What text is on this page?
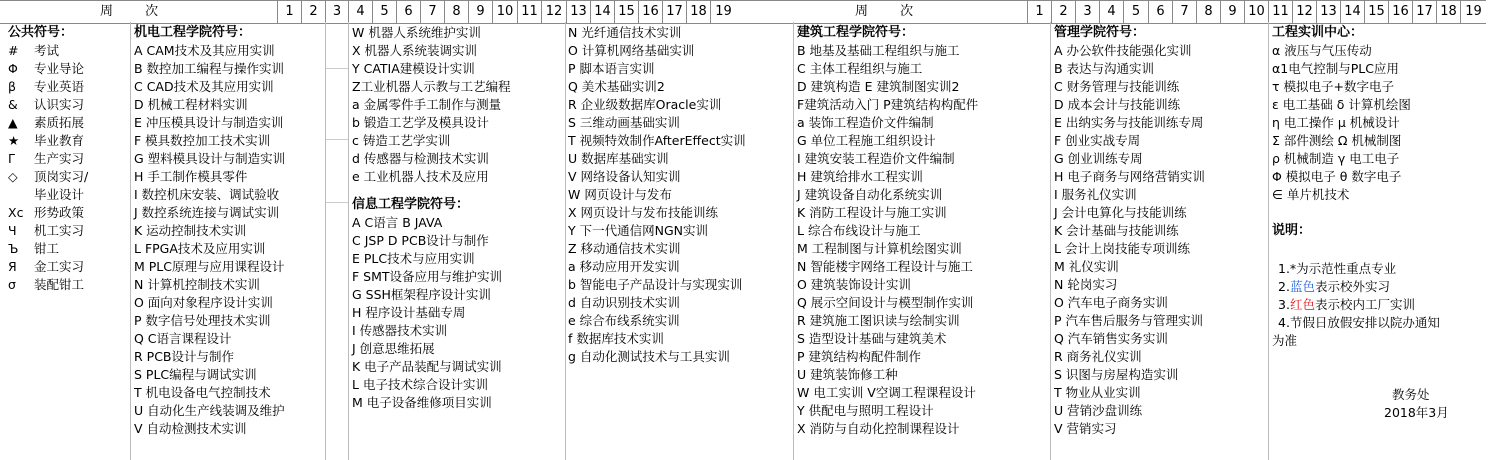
周 次	周 次
1	2	3	4	5	6	7	8	9 10 11 12 13 14 15 16 17 18 19	1	2	3	4	5	6	7	8	9 10 11 12 13 14 15 16 17 18 19
公共符号：
# 考试
Φ 专业导论
β 专业英语
& 认识实习
▲ 素质拓展
★ 毕业教育
Γ 生产实习
◇ 顶岗实习/
毕业设计
Xc 形势政策
Ч 机工实习
Ъ 钳工
Я 金工实习
σ 装配钳工
机电工程学院符号：
A CAM技术及其应用实训
B 数控加工编程与操作实训
C CAD技术及其应用实训
D 机械工程材料实训
E 冲压模具设计与制造实训
F 模具数控加工技术实训
G 塑料模具设计与制造实训
H 手工制作模具零件
I 数控机床安装、调试验收
J 数控系统连接与调试实训
K 运动控制技术实训
L FPGA技术及应用实训
M PLC原理与应用课程设计
N 计算机控制技术实训
O 面向对象程序设计实训
P 数字信号处理技术实训
Q C语言课程设计
R PCB设计与制作
S PLC编程与调试实训
T 机电设备电气控制技术
U 自动化生产线装调及维护
V 自动检测技术实训
W 机器人系统维护实训
X 机器人系统装调实训
Y CATIA建模设计实训
Z工业机器人示教与工艺编程
a 金属零件手工制作与测量
b 锻造工艺学及模具设计
c 铸造工艺学实训
d 传感器与检测技术实训
e 工业机器人技术及应用
信息工程学院符号：
A C语言 B JAVA
C JSP D PCB设计与制作
E PLC技术与应用实训
F SMT设备应用与维护实训
G SSH框架程序设计实训
H 程序设计基础专周
I 传感器技术实训
J 创意思维拓展
K 电子产品装配与调试实训
L 电子技术综合设计实训
M 电子设备维修项目实训
N 光纤通信技术实训
O 计算机网络基础实训
P 脚本语言实训
Q 美术基础实训2
R 企业级数据库Oracle实训
S 三维动画基础实训
T 视频特效制作AfterEffect实训
U 数据库基础实训
V 网络设备认知实训
W 网页设计与发布
X 网页设计与发布技能训练
Y 下一代通信网NGN实训
Z 移动通信技术实训
a 移动应用开发实训
b 智能电子产品设计与实现实训
d 自动识别技术实训
e 综合布线系统实训
f 数据库技术实训
g 自动化测试技术与工具实训
建筑工程学院符号：
B 地基及基础工程组织与施工
C 主体工程组织与施工
D 建筑构造 E 建筑制图实训2
F建筑活动入门 P建筑结构构配件
a 装饰工程造价文件编制
G 单位工程施工组织设计
I 建筑安装工程造价文件编制
H 建筑给排水工程实训
J 建筑设备自动化系统实训
K 消防工程设计与施工实训
L 综合布线设计与施工
M 工程制图与计算机绘图实训
N 智能楼宇网络工程设计与施工
O 建筑装饰设计实训
Q 展示空间设计与模型制作实训
R 建筑施工图识读与绘制实训
S 造型设计基础与建筑美术
P 建筑结构构配件制作
U 建筑装饰修工种
W 电工实训 V空调工程课程设计
Y 供配电与照明工程设计
X 消防与自动化控制课程设计
管理学院符号：
A 办公软件技能强化实训
B 表达与沟通实训
C 财务管理与技能训练
D 成本会计与技能训练
E 出纳实务与技能训练专周
F 创业实战专周
G 创业训练专周
H 电子商务与网络营销实训
I 服务礼仪实训
J 会计电算化与技能训练
K 会计基础与技能训练
L 会计上岗技能专项训练
M 礼仪实训
N 轮岗实习
O 汽车电子商务实训
P 汽车售后服务与管理实训
Q 汽车销售实务实训
R 商务礼仪实训
S 识图与房屋构造实训
T 物业从业实训
U 营销沙盘训练
V 营销实习
工程实训中心：
α 液压与气压传动
α1电气控制与PLC应用
τ 模拟电子+数字电子
ε 电工基础 δ 计算机绘图
η 电工操作 μ 机械设计
Σ 部件测绘 Ω 机械制图
ρ 机械制造 γ 电工电子
Φ 模拟电子 θ 数字电子
∈ 单片机技术
说明：
1.*为示范性重点专业
2.蓝色表示校外实习
3.红色表示校内工厂实训
4.节假日放假安排以院办通知
为准
教务处
2018年3月
